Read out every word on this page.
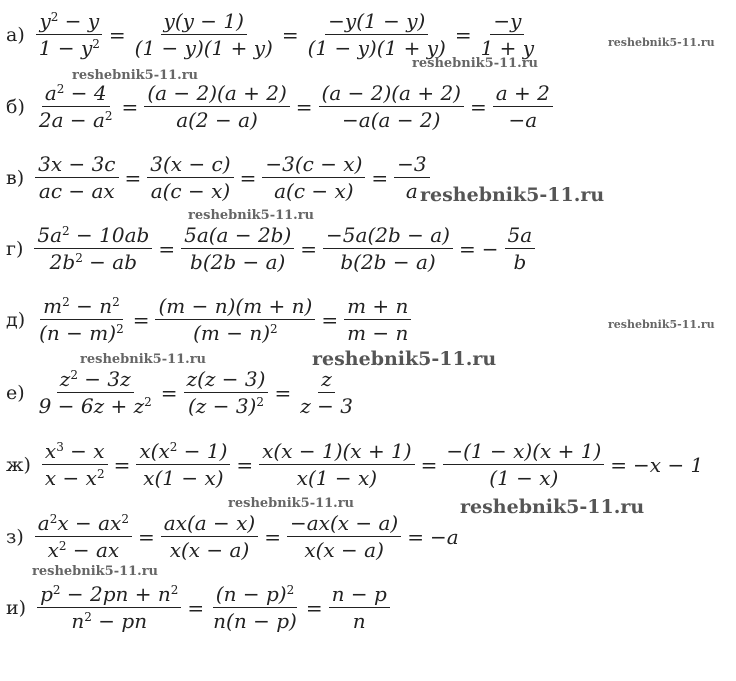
$а) \frac{y^2 - y}{1 - y^2} = \frac{y(y - 1)}{(1 - y)(1 + y)} = \frac{-y(1 - y)}{(1 - y)(1 + y)} = \frac{-y}{1 + y}$
$б) \frac{a^2 - 4}{2a - a^2} = \frac{(a - 2)(a + 2)}{a(2 - a)} = \frac{(a - 2)(a + 2)}{-a(a - 2)} = \frac{a + 2}{-a}$
$в) \frac{3x - 3c}{ac - ax} = \frac{3(x - c)}{a(c - x)} = \frac{-3(c - x)}{a(c - x)} = \frac{-3}{a}$
$г) \frac{5a^2 - 10ab}{2b^2 - ab} = \frac{5a(a - 2b)}{b(2b - a)} = \frac{-5a(2b - a)}{b(2b - a)}$ = − $\frac{5a}{b}$
$д) \frac{m^2 - n^2}{(n - m)^2} = \frac{(m - n)(m + n)}{(m - n)^2} = \frac{m + n}{m - n}$
$е) \frac{z^2 - 3z}{9 - 6z + z^2} = \frac{z(z - 3)}{(z - 3)^2} = \frac{z}{z - 3}$
$ж) \frac{x^3 - x}{x - x^2} = \frac{x(x^2 - 1)}{x(1 - x)} = \frac{x(x - 1)(x + 1)}{x(1 - x)} = \frac{-(1 - x)(x + 1)}{(1 - x)} = -x - 1$
$з) \frac{a^2x - ax^2}{x^2 - ax} = \frac{ax(a - x)}{x(x - a)} = \frac{-ax(x - a)}{x(x - a)} = -a$
$и) \frac{p^2 - 2pn + n^2}{n^2 - pn} = \frac{(n - p)^2}{n(n - p)} = \frac{n - p}{n}$
reshebnik5-11.ru
reshebnik5-11.ru
reshebnik5-11.ru
reshebnik5-11.ru
reshebnik5-11.ru
reshebnik5-11.ru
reshebnik5-11.ru	reshebnik5-11.ru
reshebnik5-11.ru	reshebnik5-11.ru
reshebnik5-11.ru
